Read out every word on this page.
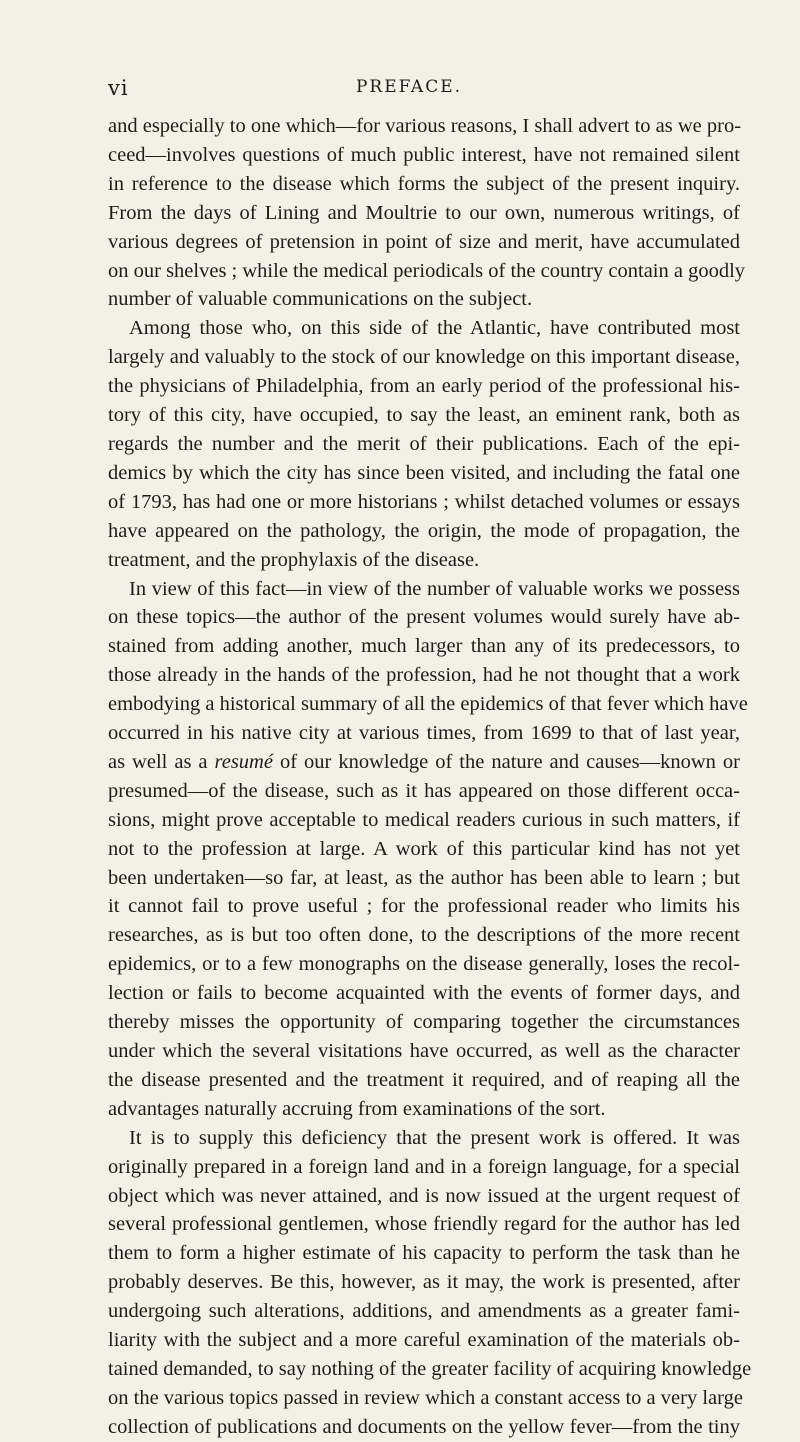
vi	PREFACE.
and especially to one which—for various reasons, I shall advert to as we pro-
ceed—involves questions of much public interest, have not remained silent
in reference to the disease which forms the subject of the present inquiry.
From the days of Lining and Moultrie to our own, numerous writings, of
various degrees of pretension in point of size and merit, have accumulated
on our shelves ; while the medical periodicals of the country contain a goodly
number of valuable communications on the subject.
Among those who, on this side of the Atlantic, have contributed most
largely and valuably to the stock of our knowledge on this important disease,
the physicians of Philadelphia, from an early period of the professional his-
tory of this city, have occupied, to say the least, an eminent rank, both as
regards the number and the merit of their publications. Each of the epi-
demics by which the city has since been visited, and including the fatal one
of 1793, has had one or more historians ; whilst detached volumes or essays
have appeared on the pathology, the origin, the mode of propagation, the
treatment, and the prophylaxis of the disease.
In view of this fact—in view of the number of valuable works we possess
on these topics—the author of the present volumes would surely have ab-
stained from adding another, much larger than any of its predecessors, to
those already in the hands of the profession, had he not thought that a work
embodying a historical summary of all the epidemics of that fever which have
occurred in his native city at various times, from 1699 to that of last year,
as well as a resumé of our knowledge of the nature and causes—known or
presumed—of the disease, such as it has appeared on those different occa-
sions, might prove acceptable to medical readers curious in such matters, if
not to the profession at large. A work of this particular kind has not yet
been undertaken—so far, at least, as the author has been able to learn ; but
it cannot fail to prove useful ; for the professional reader who limits his
researches, as is but too often done, to the descriptions of the more recent
epidemics, or to a few monographs on the disease generally, loses the recol-
lection or fails to become acquainted with the events of former days, and
thereby misses the opportunity of comparing together the circumstances
under which the several visitations have occurred, as well as the character
the disease presented and the treatment it required, and of reaping all the
advantages naturally accruing from examinations of the sort.
It is to supply this deficiency that the present work is offered. It was
originally prepared in a foreign land and in a foreign language, for a special
object which was never attained, and is now issued at the urgent request of
several professional gentlemen, whose friendly regard for the author has led
them to form a higher estimate of his capacity to perform the task than he
probably deserves. Be this, however, as it may, the work is presented, after
undergoing such alterations, additions, and amendments as a greater fami-
liarity with the subject and a more careful examination of the materials ob-
tained demanded, to say nothing of the greater facility of acquiring knowledge
on the various topics passed in review which a constant access to a very large
collection of publications and documents on the yellow fever—from the tiny
